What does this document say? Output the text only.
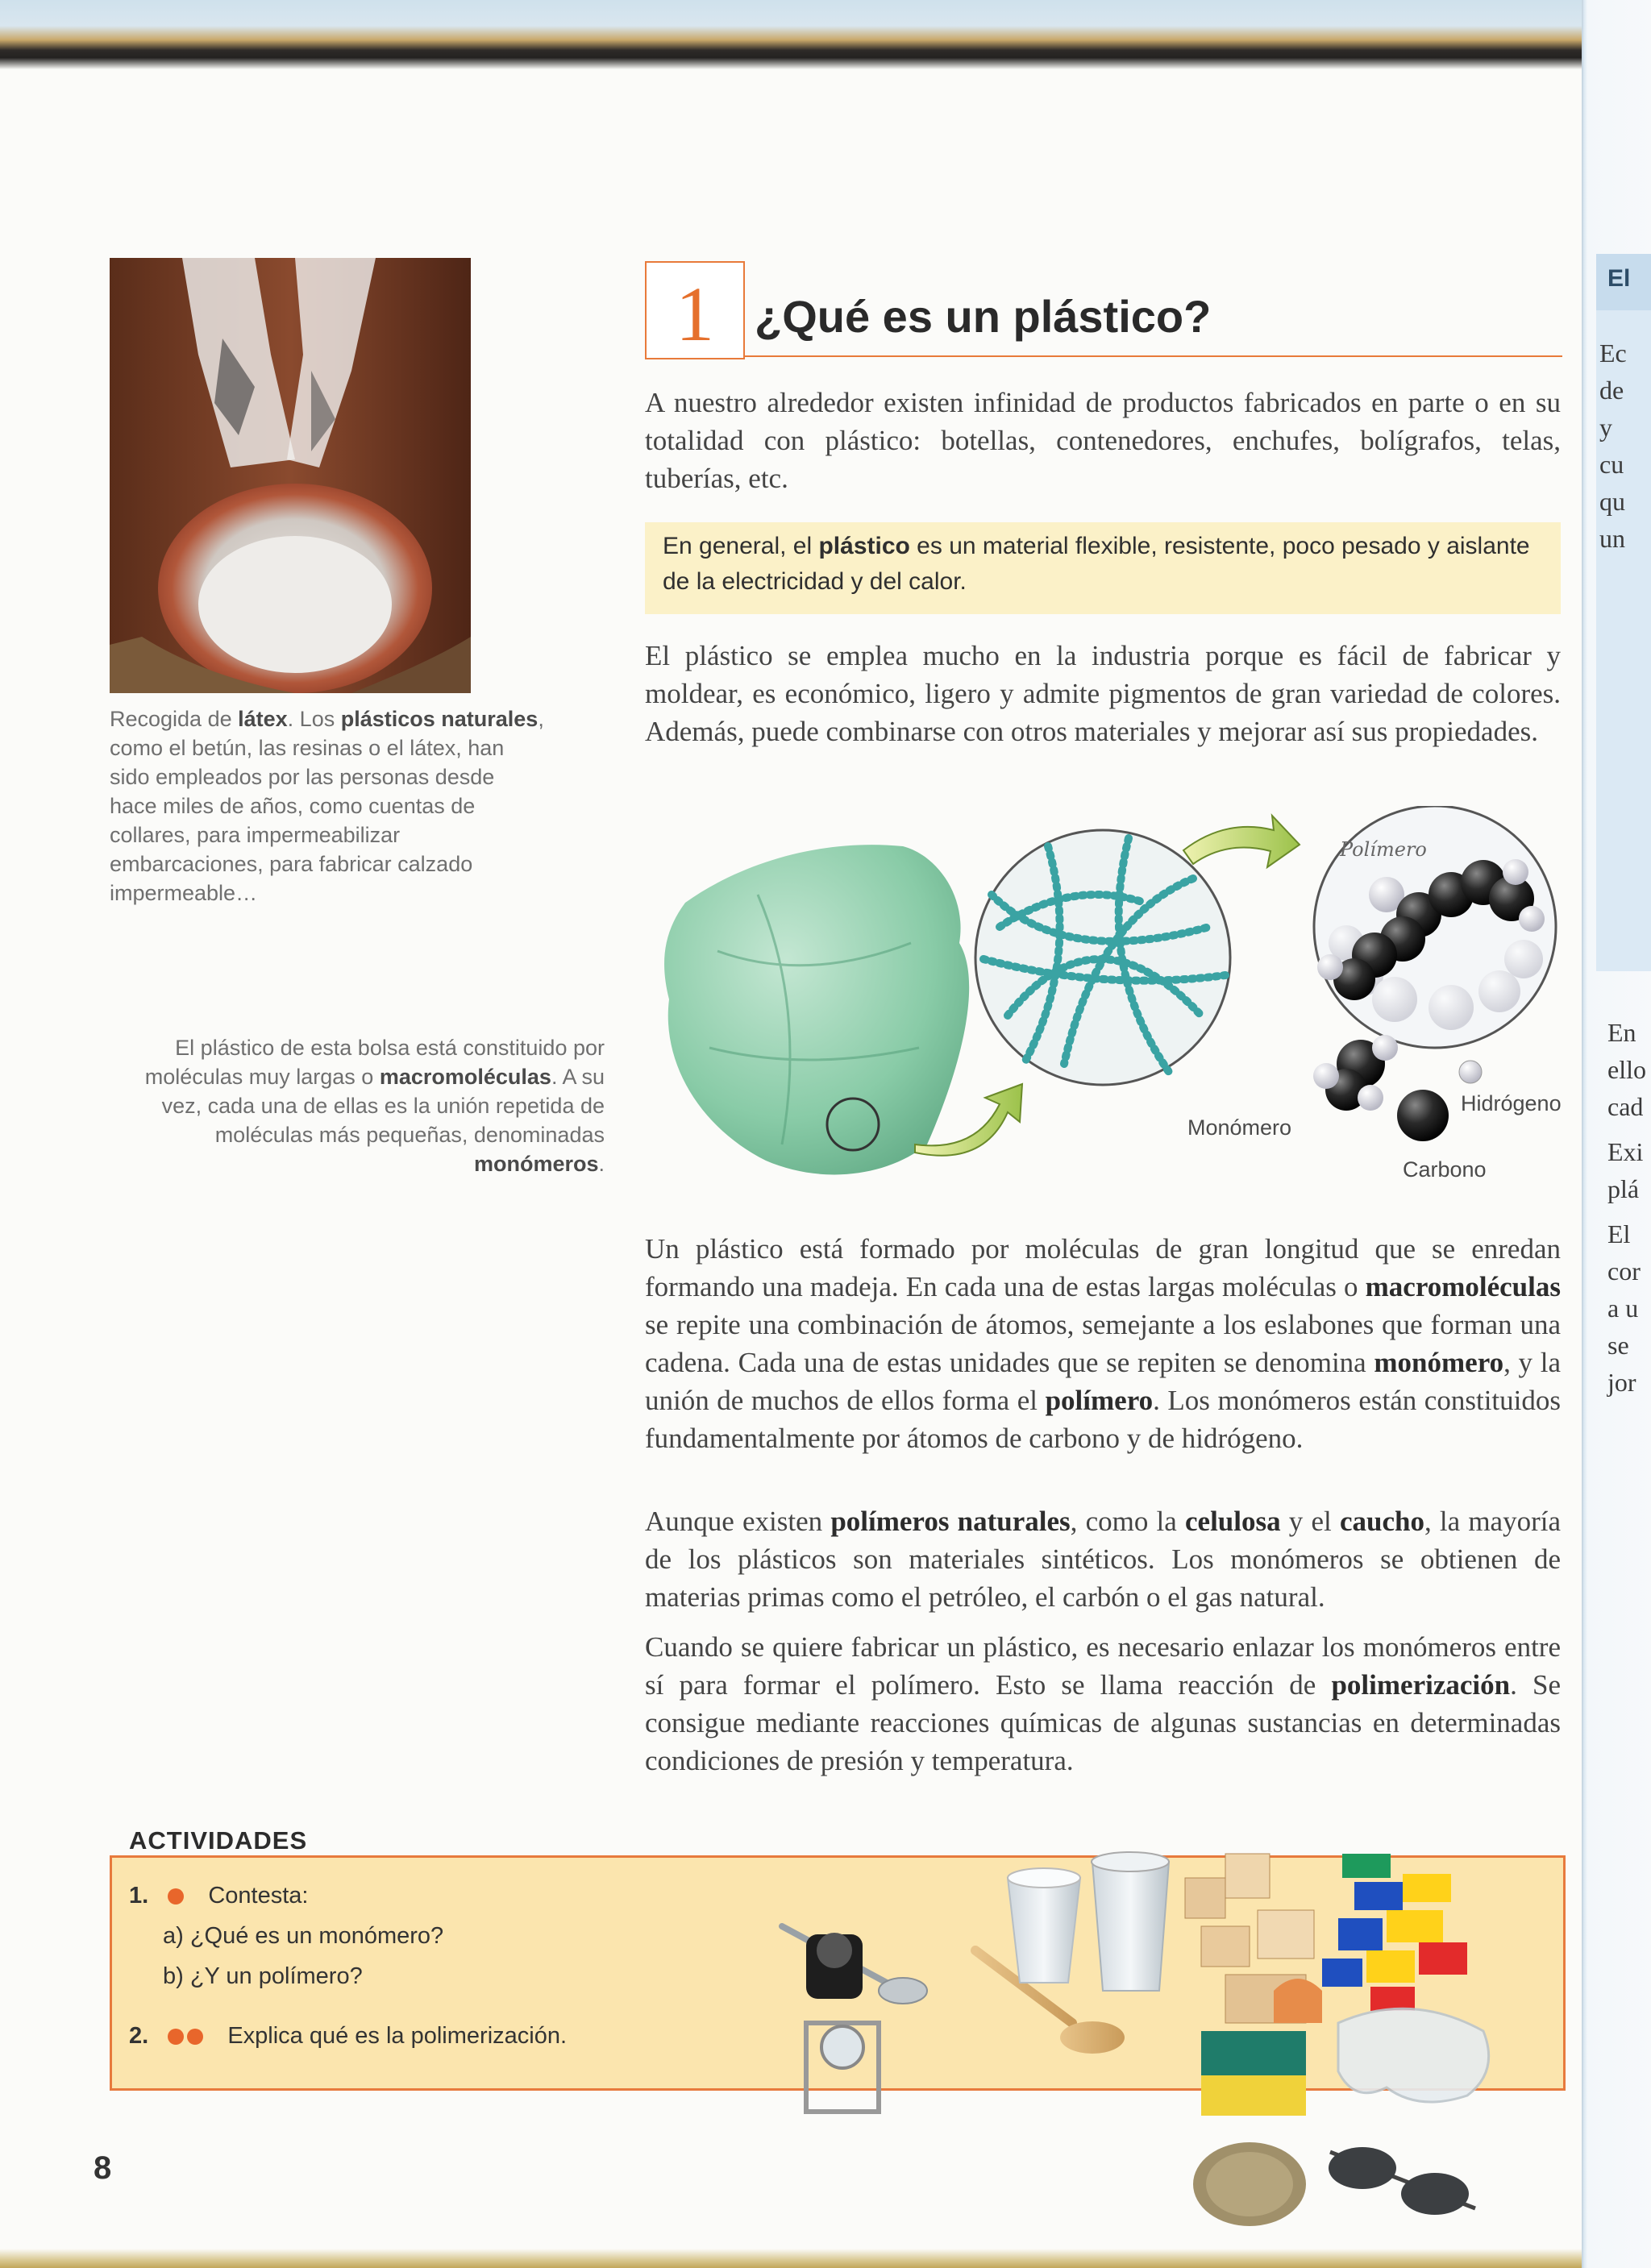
Ec
de
y
cu
qu
un
El
En
ello
cad
Exi
plá
El
cor
a u
se
jor
Recogida de látex. Los plásticos naturales, como el betún, las resinas o el látex, han sido empleados por las personas desde hace miles de años, como cuentas de collares, para impermeabilizar embarcaciones, para fabricar calzado impermeable…
El plástico de esta bolsa está constituido por moléculas muy largas o macromoléculas. A su vez, cada una de ellas es la unión repetida de moléculas más pequeñas, denominadas monómeros.
1 ¿Qué es un plástico?
A nuestro alrededor existen infinidad de productos fabricados en parte o en su totalidad con plástico: botellas, contenedores, enchufes, bolígrafos, telas, tuberías, etc.
En general, el plástico es un material flexible, resistente, poco pesado y aislante de la electricidad y del calor.
El plástico se emplea mucho en la industria porque es fácil de fabricar y moldear, es económico, ligero y admite pigmentos de gran variedad de colores. Además, puede combinarse con otros materiales y mejorar así sus propiedades.
Polímero
Monómero
Hidrógeno
Carbono
Un plástico está formado por moléculas de gran longitud que se enredan formando una madeja. En cada una de estas largas moléculas o macromoléculas se repite una combinación de átomos, semejante a los eslabones que forman una cadena. Cada una de estas unidades que se repiten se denomina monómero, y la unión de muchos de ellos forma el polímero. Los monómeros están constituidos fundamentalmente por átomos de carbono y de hidrógeno.
Aunque existen polímeros naturales, como la celulosa y el caucho, la mayoría de los plásticos son materiales sintéticos. Los monómeros se obtienen de materias primas como el petróleo, el carbón o el gas natural.
Cuando se quiere fabricar un plástico, es necesario enlazar los monómeros entre sí para formar el polímero. Esto se llama reacción de polimerización. Se consigue mediante reacciones químicas de algunas sustancias en determinadas condiciones de presión y temperatura.
ACTIVIDADES
1.	Contesta:
a) ¿Qué es un monómero?
b) ¿Y un polímero?
2.	Explica qué es la polimerización.
8
